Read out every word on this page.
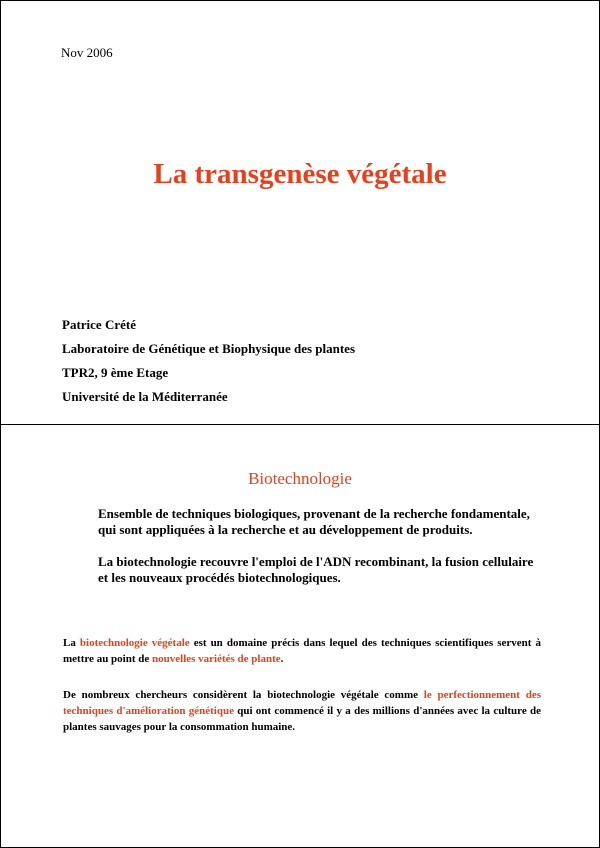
Nov 2006
La transgenèse végétale
Patrice Crété
Laboratoire de Génétique et Biophysique des plantes
TPR2, 9 ème Etage
Université de la Méditerranée
Biotechnologie

Ensemble de techniques biologiques, provenant de la recherche fondamentale,
qui sont appliquées à la recherche et au développement de produits.

La biotechnologie recouvre l'emploi de l'ADN recombinant, la fusion cellulaire
et les nouveaux procédés biotechnologiques.

La biotechnologie végétale est un domaine précis dans lequel des techniques scientifiques servent à mettre au point de nouvelles variétés de plante.
De nombreux chercheurs considèrent la biotechnologie végétale comme le perfectionnement des techniques d'amélioration génétique qui ont commencé il y a des millions d'années avec la culture de plantes sauvages pour la consommation humaine.
